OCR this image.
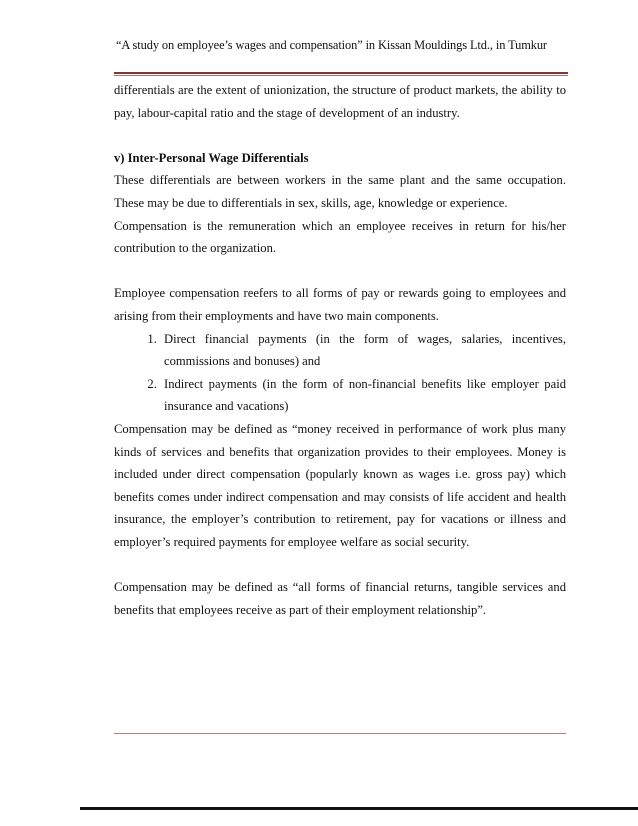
“A study on employee’s wages and compensation” in Kissan Mouldings Ltd., in Tumkur

differentials are the extent of unionization, the structure of product markets, the ability to pay, labour-capital ratio and the stage of development of an industry.

v) Inter-Personal Wage Differentials

These differentials are between workers in the same plant and the same occupation. These may be due to differentials in sex, skills, age, knowledge or experience.

Compensation is the remuneration which an employee receives in return for his/her contribution to the organization.

Employee compensation reefers to all forms of pay or rewards going to employees and arising from their employments and have two main components.

1. Direct financial payments (in the form of wages, salaries, incentives, commissions and bonuses) and
2. Indirect payments (in the form of non-financial benefits like employer paid insurance and vacations)

Compensation may be defined as “money received in performance of work plus many kinds of services and benefits that organization provides to their employees. Money is included under direct compensation (popularly known as wages i.e. gross pay) which benefits comes under indirect compensation and may consists of life accident and health insurance, the employer’s contribution to retirement, pay for vacations or illness and employer’s required payments for employee welfare as social security.

Compensation may be defined as “all forms of financial returns, tangible services and benefits that employees receive as part of their employment relationship”.
